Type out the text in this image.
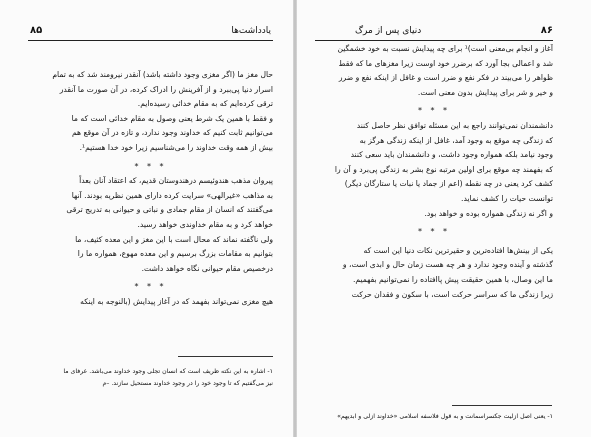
۸۵	یادداشت‌ها
حال مغز ما (اگر مغزی وجود داشته باشد) آنقدر نیرومند شد که به تمام
اسرار دنیا پی‌ببرد و از آفرینش را ادراک کرده، در آن صورت ما آنقدر
ترقی کرده‌ایم که به مقام خدائی رسیده‌ایم.
و فقط با همین یک شرط یعنی وصول به مقام خدائی است که ما
می‌توانیم ثابت کنیم که خداوند وجود ندارد، و تازه در آن موقع هم
بیش از همه وقت خداوند را می‌شناسیم زیرا خود خدا هستیم¹.
* * *
پیروان مذهب هندوئیسم درهندوستان قدیم، که اعتقاد آنان بعداً
به مذاهب «غیرالهی» سرایت کرده دارای همین نظریه بودند. آنها
می‌گفتند که انسان از مقام جمادی و نباتی و حیوانی به تدریج ترقی
خواهد کرد و به مقام خداوندی خواهد رسید.
ولی ناگفته نماند که محال است با این مغز و این معده کثیف، ما
بتوانیم به مقامات بزرگ برسیم و این معده مهوع، همواره ما را
درخصیص مقام حیوانی نگاه خواهد داشت.
* * *
هیچ مغزی نمی‌تواند بفهمد که در آغاز پیدایش (بالنوجه به اینکه
۱- اشاره به این نکته ظریف است که انسان تجلی وجود خداوند می‌باشد. عرفای ما
نیز می‌گفتیم که تا وجود خود را در وجود خداوند مستحیل سازند. –م
دنیای پس از مرگ	۸۶
آغاز و انجام بی‌معنی است)¹ برای چه پیدایش نسبت به خود خشمگین
شد و اعمالی بجا آورد که برضرر خود اوست زیرا مغزهای ما که فقط
ظواهر را می‌بیند در فکر نفع و ضرر است و غافل از اینکه نفع و ضرر
و خیر و شر برای پیدایش بدون معنی است.
* * *
دانشمندان نمی‌توانند راجع به این مسئله توافق نظر حاصل کنند
که زندگی چه موقع به وجود آمد، غافل از اینکه زندگی هرگز به
وجود نیامد بلکه همواره وجود داشت، و دانشمندان باید سعی کنند
که بفهمند چه موقع برای اولین مرتبه نوع بشر به زندگی پی‌برد و آن را
کشف کرد یعنی در چه نقطه (اعم از جماد یا نبات یا ستارگان دیگر)
توانست حیات را کشف نماید.
و اگر نه زندگی همواره بوده و خواهد بود.
* * *
یکی از بینش‌ها افتاده‌ترین و حقیرترین نکات دنیا این است که
گذشته و آینده وجود ندارد و هر چه هست زمان حال و ابدی است، و
ما این وصال، با همین حقیقت پیش پاافتاده را نمی‌توانیم بفهمیم.
زیرا زندگی ما که سراسر حرکت است، با سکون و فقدان حرکت
۱- یعنی اصل ازلیت جکسراسمانت و به قول فلاسفه اسلامی «خداوند ازلی و ابدیهم»
